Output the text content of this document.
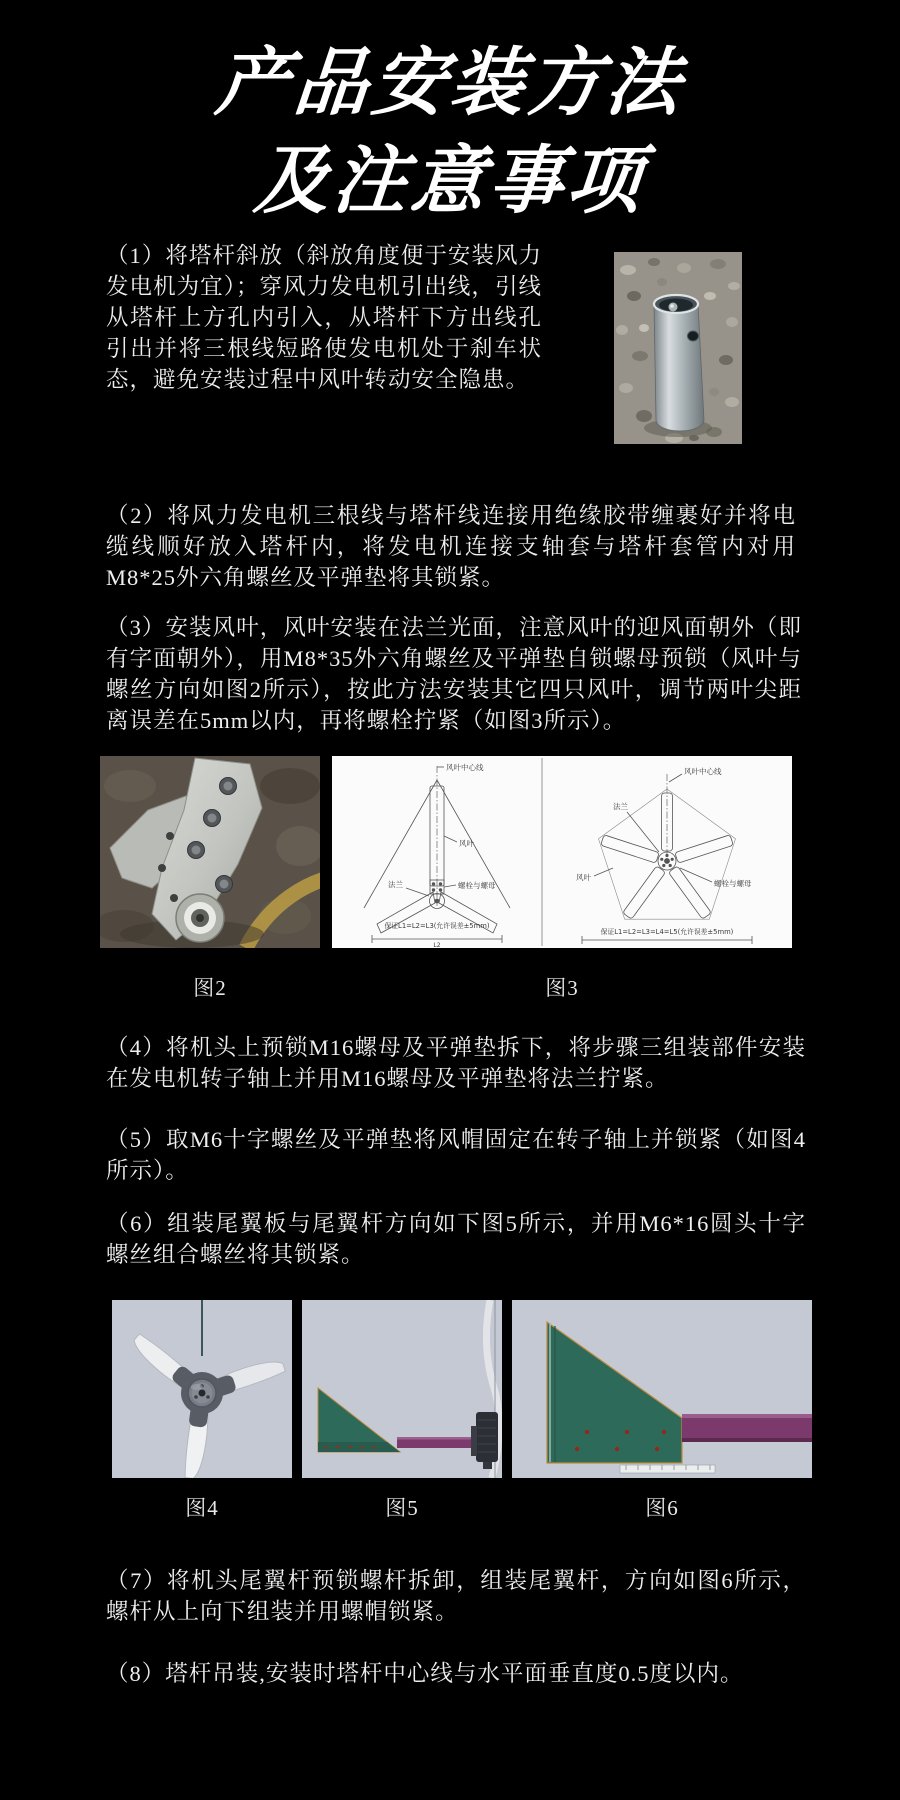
产品安装方法
及注意事项

（1）将塔杆斜放（斜放角度便于安装风力发电机为宜）；穿风力发电机引出线，引线从塔杆上方孔内引入，从塔杆下方出线孔引出并将三根线短路使发电机处于刹车状态，避免安装过程中风叶转动安全隐患。

（2）将风力发电机三根线与塔杆线连接用绝缘胶带缠裹好并将电缆线顺好放入塔杆内，将发电机连接支轴套与塔杆套管内对用M8*25外六角螺丝及平弹垫将其锁紧。

（3）安装风叶，风叶安装在法兰光面，注意风叶的迎风面朝外（即有字面朝外），用M8*35外六角螺丝及平弹垫自锁螺母预锁（风叶与螺丝方向如图2所示），按此方法安装其它四只风叶，调节两叶尖距离误差在5mm以内，再将螺栓拧紧（如图3所示）。

风叶中心线
风叶
螺栓与螺母
法兰
保证L1=L2=L3(允许误差±5mm)
L2
风叶中心线
法兰
风叶
螺栓与螺母
保证L1=L2=L3=L4=L5(允许误差±5mm)
图2	图3

（4）将机头上预锁M16螺母及平弹垫拆下，将步骤三组装部件安装在发电机转子轴上并用M16螺母及平弹垫将法兰拧紧。

（5）取M6十字螺丝及平弹垫将风帽固定在转子轴上并锁紧（如图4所示）。

（6）组装尾翼板与尾翼杆方向如下图5所示，并用M6*16圆头十字螺丝组合螺丝将其锁紧。

图4	图5	图6

（7）将机头尾翼杆预锁螺杆拆卸，组装尾翼杆，方向如图6所示，螺杆从上向下组装并用螺帽锁紧。

（8）塔杆吊装,安装时塔杆中心线与水平面垂直度0.5度以内。
